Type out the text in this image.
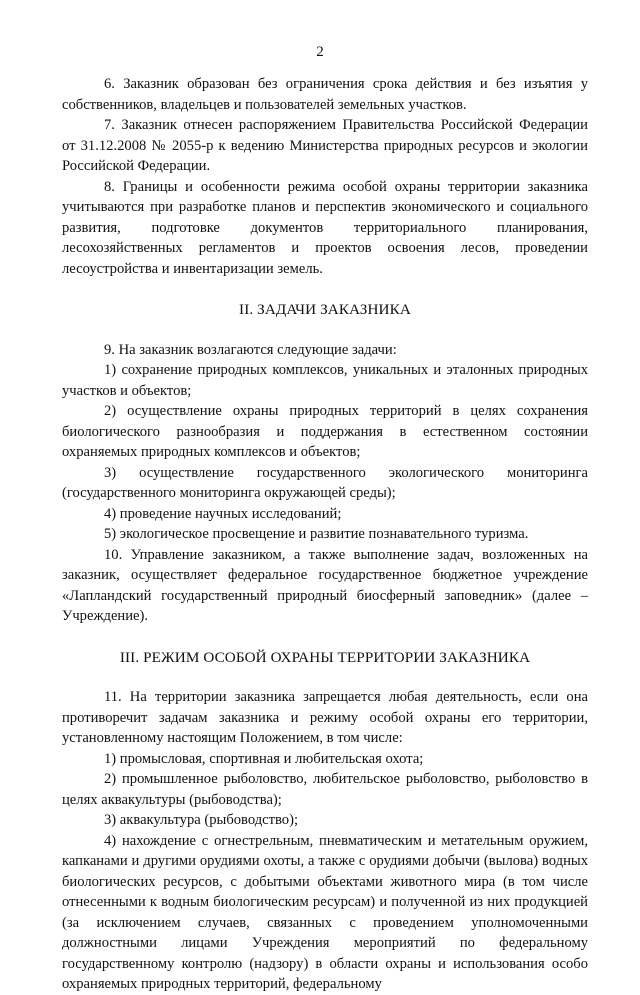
2

6. Заказник образован без ограничения срока действия и без изъятия у собственников, владельцев и пользователей земельных участков.

7. Заказник отнесен распоряжением Правительства Российской Федерации от 31.12.2008 № 2055-р к ведению Министерства природных ресурсов и экологии Российской Федерации.

8. Границы и особенности режима особой охраны территории заказника учитываются при разработке планов и перспектив экономического и социального развития, подготовке документов территориального планирования, лесохозяйственных регламентов и проектов освоения лесов, проведении лесоустройства и инвентаризации земель.

II. ЗАДАЧИ ЗАКАЗНИКА

9. На заказник возлагаются следующие задачи:

1) сохранение природных комплексов, уникальных и эталонных природных участков и объектов;

2) осуществление охраны природных территорий в целях сохранения биологического разнообразия и поддержания в естественном состоянии охраняемых природных комплексов и объектов;

3) осуществление государственного экологического мониторинга (государственного мониторинга окружающей среды);

4) проведение научных исследований;

5) экологическое просвещение и развитие познавательного туризма.

10. Управление заказником, а также выполнение задач, возложенных на заказник, осуществляет федеральное государственное бюджетное учреждение «Лапландский государственный природный биосферный заповедник» (далее – Учреждение).

III. РЕЖИМ ОСОБОЙ ОХРАНЫ ТЕРРИТОРИИ ЗАКАЗНИКА

11. На территории заказника запрещается любая деятельность, если она противоречит задачам заказника и режиму особой охраны его территории, установленному настоящим Положением, в том числе:

1) промысловая, спортивная и любительская охота;

2) промышленное рыболовство, любительское рыболовство, рыболовство в целях аквакультуры (рыбоводства);

3) аквакультура (рыбоводство);

4) нахождение с огнестрельным, пневматическим и метательным оружием, капканами и другими орудиями охоты, а также с орудиями добычи (вылова) водных биологических ресурсов, с добытыми объектами животного мира (в том числе отнесенными к водным биологическим ресурсам) и полученной из них продукцией (за исключением случаев, связанных с проведением уполномоченными должностными лицами Учреждения мероприятий по федеральному государственному контролю (надзору) в области охраны и использования особо охраняемых природных территорий, федеральному
